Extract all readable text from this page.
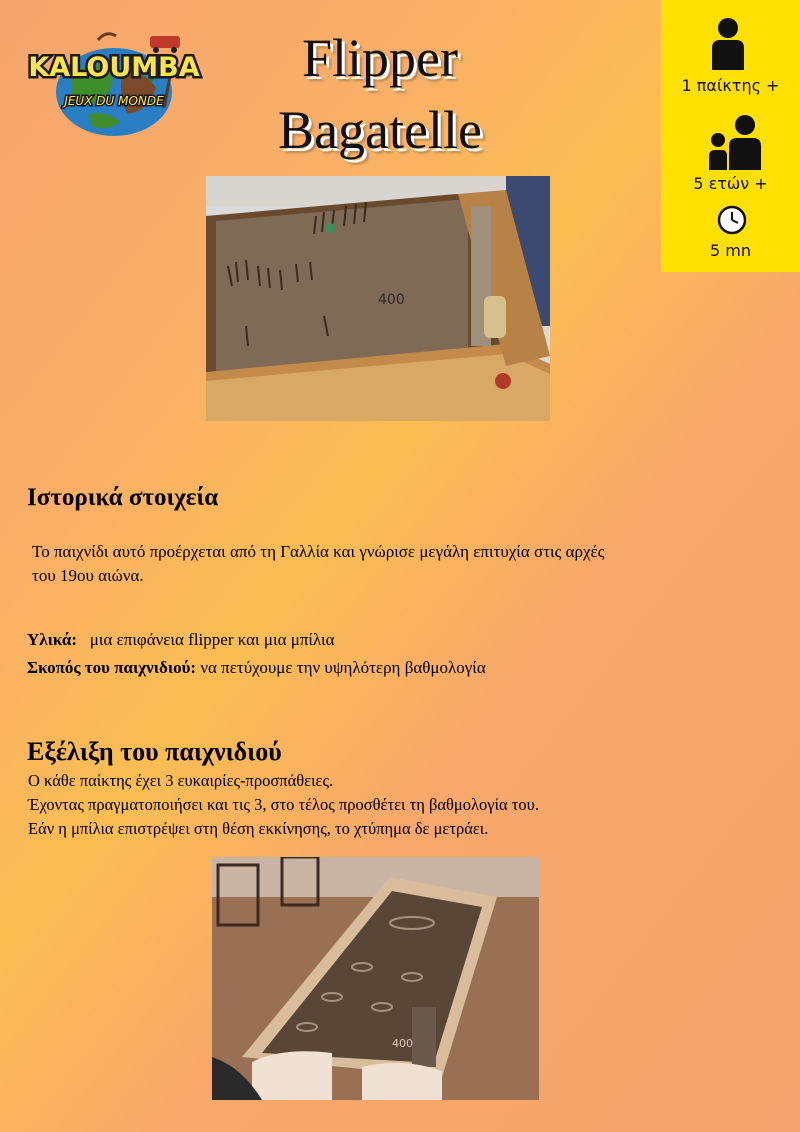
KALOUMBA
JEUX DU MONDE
Flipper
Bagatelle
1 παίκτης +
5 ετών +
5 mn
400
Ιστορικά στοιχεία
Το παιχνίδι αυτό προέρχεται από τη Γαλλία και γνώρισε μεγάλη επιτυχία στις αρχές
του 19ου αιώνα.
Υλικά: μια επιφάνεια flipper και μια μπίλια
Σκοπός του παιχνιδιού: να πετύχουμε την υψηλότερη βαθμολογία
Εξέλιξη του παιχνιδιού
Ο κάθε παίκτης έχει 3 ευκαιρίες-προσπάθειες.
Έχοντας πραγματοποιήσει και τις 3, στο τέλος προσθέτει τη βαθμολογία του.
Εάν η μπίλια επιστρέψει στη θέση εκκίνησης, το χτύπημα δε μετράει.
400
